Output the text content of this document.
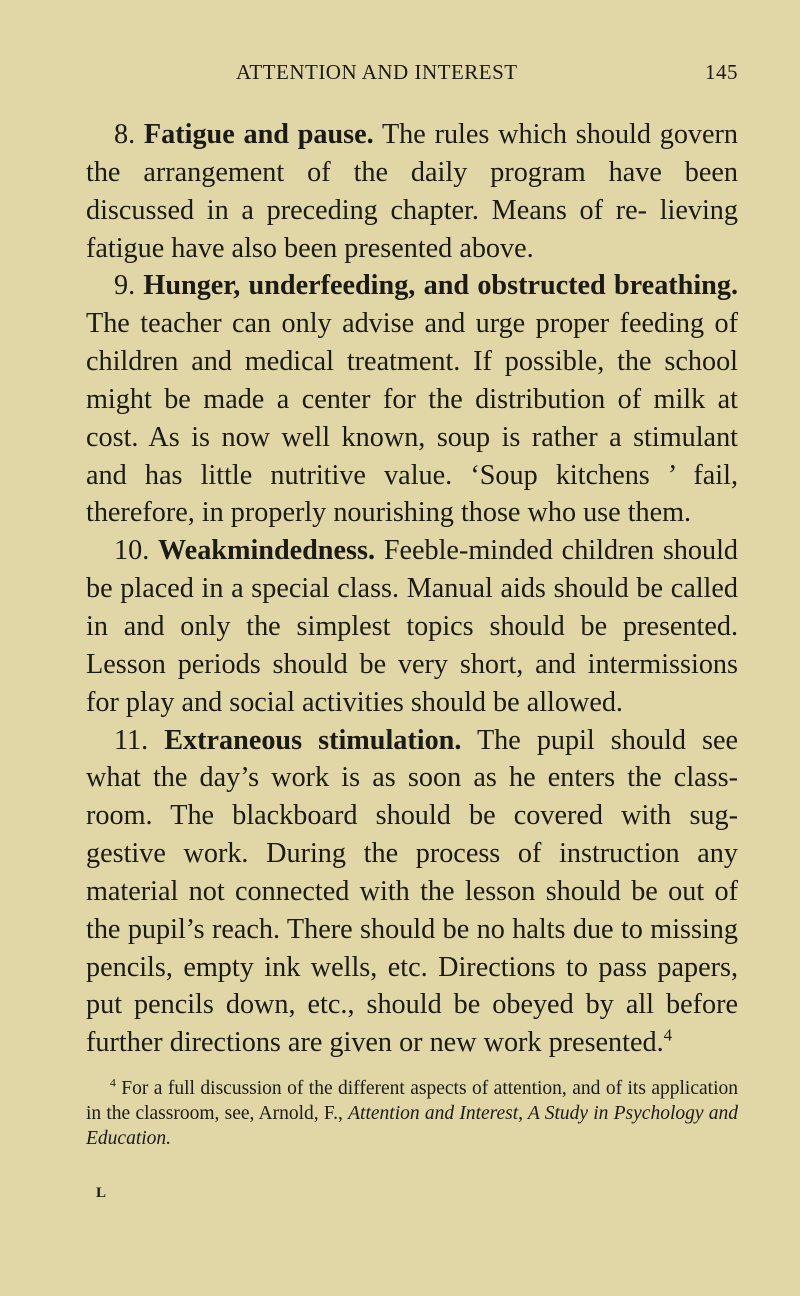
ATTENTION AND INTEREST	145

8. Fatigue and pause. The rules which should govern the arrangement of the daily program have been discussed in a preceding chapter. Means of re- lieving fatigue have also been presented above.

9. Hunger, underfeeding, and obstructed breathing. The teacher can only advise and urge proper feeding of children and medical treatment. If possible, the school might be made a center for the distribution of milk at cost. As is now well known, soup is rather a stimulant and has little nutritive value. ‘Soup kitchens ’ fail, therefore, in properly nourishing those who use them.

10. Weakmindedness. Feeble-minded children should be placed in a special class. Manual aids should be called in and only the simplest topics should be presented. Lesson periods should be very short, and intermissions for play and social activities should be allowed.

11. Extraneous stimulation. The pupil should see what the day’s work is as soon as he enters the class- room. The blackboard should be covered with sug- gestive work. During the process of instruction any material not connected with the lesson should be out of the pupil’s reach. There should be no halts due to missing pencils, empty ink wells, etc. Directions to pass papers, put pencils down, etc., should be obeyed by all before further directions are given or new work presented.$^4$

$^4$ For a full discussion of the different aspects of attention, and of its application in the classroom, see, Arnold, F., Attention and Interest, A Study in Psychology and Education.
L
